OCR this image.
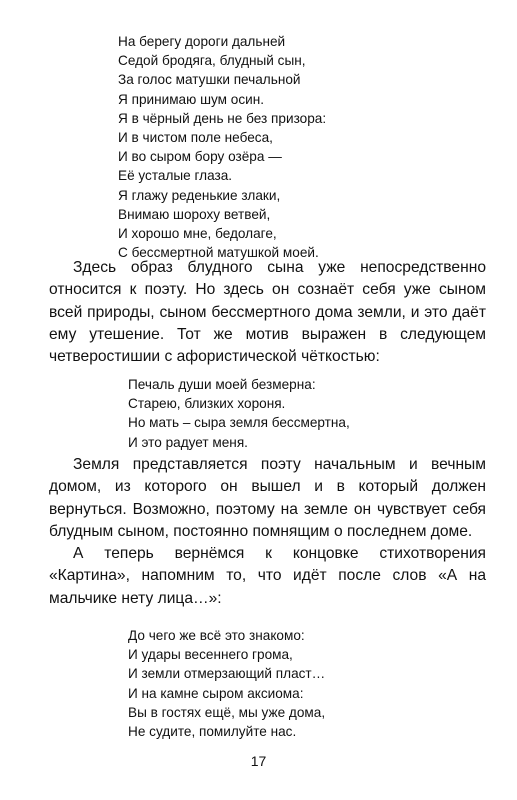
На берегу дороги дальней
Седой бродяга, блудный сын,
За голос матушки печальной
Я принимаю шум осин.
Я в чёрный день не без призора:
И в чистом поле небеса,
И во сыром бору озёра —
Её усталые глаза.
Я глажу реденькие злаки,
Внимаю шороху ветвей,
И хорошо мне, бедолаге,
С бессмертной матушкой моей.

Здесь образ блудного сына уже непосредственно относится к поэту. Но здесь он сознаёт себя уже сыном всей природы, сыном бессмертного дома земли, и это даёт ему утешение. Тот же мотив выражен в следующем четверостишии с афористической чёткостью:

Печаль души моей безмерна:
Старею, близких хороня.
Но мать – сыра земля бессмертна,
И это радует меня.

Земля представляется поэту начальным и вечным домом, из которого он вышел и в который должен вернуться. Возможно, поэтому на земле он чувствует себя блудным сыном, постоянно помнящим о последнем доме.

А теперь вернёмся к концовке стихотворения «Картина», напомним то, что идёт после слов «А на мальчике нету лица…»:

До чего же всё это знакомо:
И удары весеннего грома,
И земли отмерзающий пласт…
И на камне сыром аксиома:
Вы в гостях ещё, мы уже дома,
Не судите, помилуйте нас.
17
